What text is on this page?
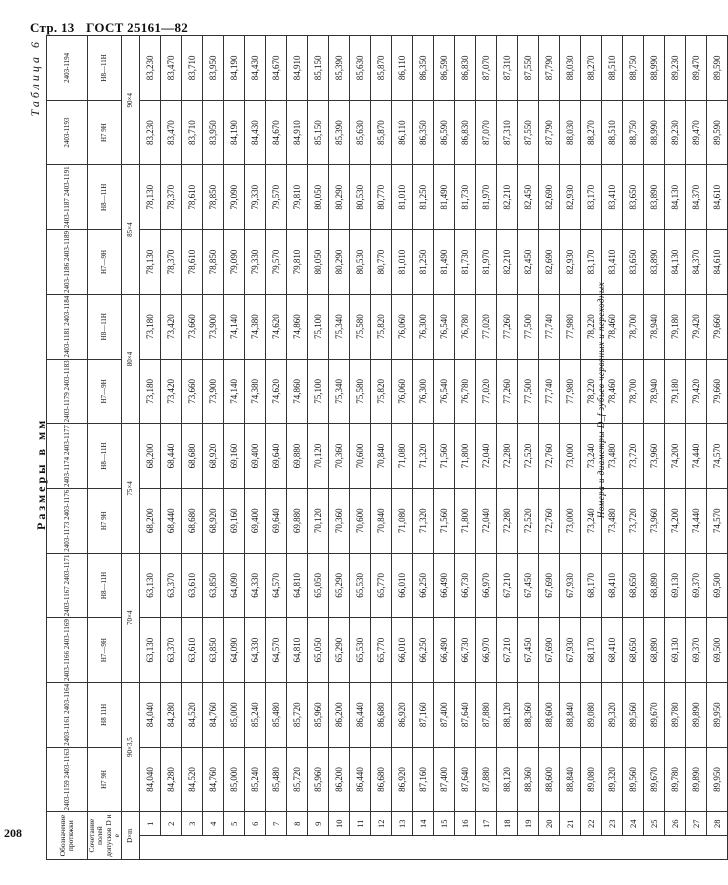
Стр. 13 ГОСТ 25161—82
Размеры в мм
Таблица 6
Обозначение протяжки		2403-1159 2403-1163	2403-1161 2403-1164	2403-1166 2403-1169	2403-1167 2403-1171	2403-1173 2403-1176	2403-1174 2403-1177	2403-1179 2403-1183	2403-1181 2403-1184	2403-1186 2403-1189	2403-1187 2403-1191	2403-1193	2403-1194
Сочетание полей допусков D и e		H7 9H	H8 11H	H7—9H	H8—11H	H7 9H	H8—11H	H7—9H	H8—11H	H7—9H	H8—11H	H7 9H	H8—11H
D×m		90×3,5		70×4		75×4		80×4		85×4		90×4	
	1	84,040	84,040	63,130	63,130	68,200	68,200	73,180	73,180	78,130	78,130	83,230	83,230
	2	84,280	84,280	63,370	63,370	68,440	68,440	73,420	73,420	78,370	78,370	83,470	83,470
	3	84,520	84,520	63,610	63,610	68,680	68,680	73,660	73,660	78,610	78,610	83,710	83,710
	4	84,760	84,760	63,850	63,850	68,920	68,920	73,900	73,900	78,850	78,850	83,950	83,950
	5	85,000	85,000	64,090	64,090	69,160	69,160	74,140	74,140	79,090	79,090	84,190	84,190
	6	85,240	85,240	64,330	64,330	69,400	69,400	74,380	74,380	79,330	79,330	84,430	84,430
	7	85,480	85,480	64,570	64,570	69,640	69,640	74,620	74,620	79,570	79,570	84,670	84,670
	8	85,720	85,720	64,810	64,810	69,880	69,880	74,860	74,860	79,810	79,810	84,910	84,910
	9	85,960	85,960	65,050	65,050	70,120	70,120	75,100	75,100	80,050	80,050	85,150	85,150
	10	86,200	86,200	65,290	65,290	70,360	70,360	75,340	75,340	80,290	80,290	85,390	85,390
	11	86,440	86,440	65,530	65,530	70,600	70,600	75,580	75,580	80,530	80,530	85,630	85,630
	12	86,680	86,680	65,770	65,770	70,840	70,840	75,820	75,820	80,770	80,770	85,870	85,870
	13	86,920	86,920	66,010	66,010	71,080	71,080	76,060	76,060	81,010	81,010	86,110	86,110
	14	87,160	87,160	66,250	66,250	71,320	71,320	76,300	76,300	81,250	81,250	86,350	86,350
	15	87,400	87,400	66,490	66,490	71,560	71,560	76,540	76,540	81,490	81,490	86,590	86,590
	16	87,640	87,640	66,730	66,730	71,800	71,800	76,780	76,780	81,730	81,730	86,830	86,830
	17	87,880	87,880	66,970	66,970	72,040	72,040	77,020	77,020	81,970	81,970	87,070	87,070
	18	88,120	88,120	67,210	67,210	72,280	72,280	77,260	77,260	82,210	82,210	87,310	87,310
	19	88,360	88,360	67,450	67,450	72,520	72,520	77,500	77,500	82,450	82,450	87,550	87,550
	20	88,600	88,600	67,690	67,690	72,760	72,760	77,740	77,740	82,690	82,690	87,790	87,790
	21	88,840	88,840	67,930	67,930	73,000	73,000	77,980	77,980	82,930	82,930	88,030	88,030
	22	89,080	89,080	68,170	68,170	73,240	73,240	78,220	78,220	83,170	83,170	88,270	88,270
	23	89,320	89,320	68,410	68,410	73,480	73,480	78,460	78,460	83,410	83,410	88,510	88,510
	24	89,560	89,560	68,650	68,650	73,720	73,720	78,700	78,700	83,650	83,650	88,750	88,750
	25	89,670	89,670	68,890	68,890	73,960	73,960	78,940	78,940	83,890	83,890	88,990	88,990
	26	89,780	89,780	69,130	69,130	74,200	74,200	79,180	79,180	84,130	84,130	89,230	89,230
	27	89,890	89,890	69,370	69,370	74,440	74,440	79,420	79,420	84,370	84,370	89,470	89,470
	28	89,950	89,950	69,500	69,500	74,570	74,570	79,660	79,660	84,610	84,610	89,590	89,590
Номера и диаметры D_f зубьев червяных и переходных
208
